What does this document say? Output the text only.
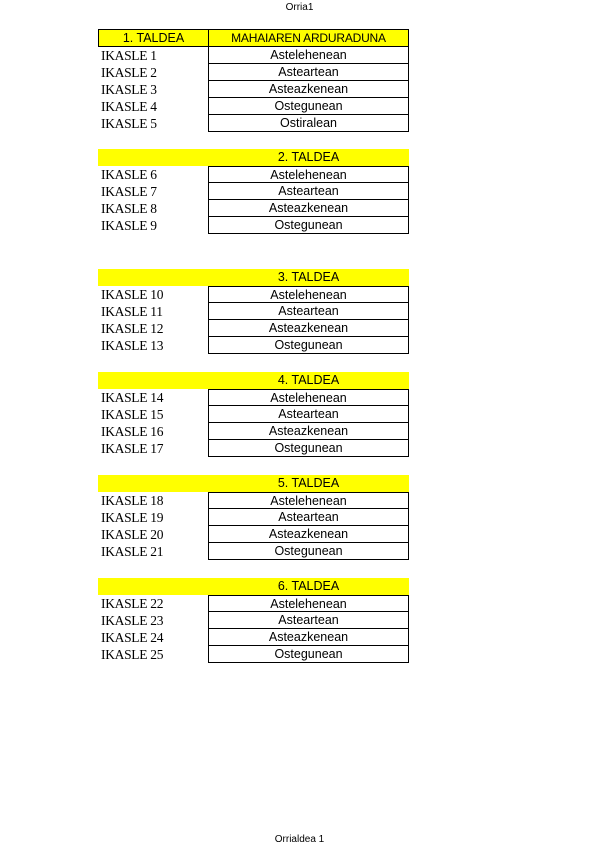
Orria1
1. TALDEA	MAHAIAREN ARDURADUNA
IKASLE 1	Astelehenean
IKASLE 2	Asteartean
IKASLE 3	Asteazkenean
IKASLE 4	Ostegunean
IKASLE 5	Ostiralean
2. TALDEA
IKASLE 6	Astelehenean
IKASLE 7	Asteartean
IKASLE 8	Asteazkenean
IKASLE 9	Ostegunean
3. TALDEA
IKASLE 10	Astelehenean
IKASLE 11	Asteartean
IKASLE 12	Asteazkenean
IKASLE 13	Ostegunean
4. TALDEA
IKASLE 14	Astelehenean
IKASLE 15	Asteartean
IKASLE 16	Asteazkenean
IKASLE 17	Ostegunean
5. TALDEA
IKASLE 18	Astelehenean
IKASLE 19	Asteartean
IKASLE 20	Asteazkenean
IKASLE 21	Ostegunean
6. TALDEA
IKASLE 22	Astelehenean
IKASLE 23	Asteartean
IKASLE 24	Asteazkenean
IKASLE 25	Ostegunean
Orrialdea 1
